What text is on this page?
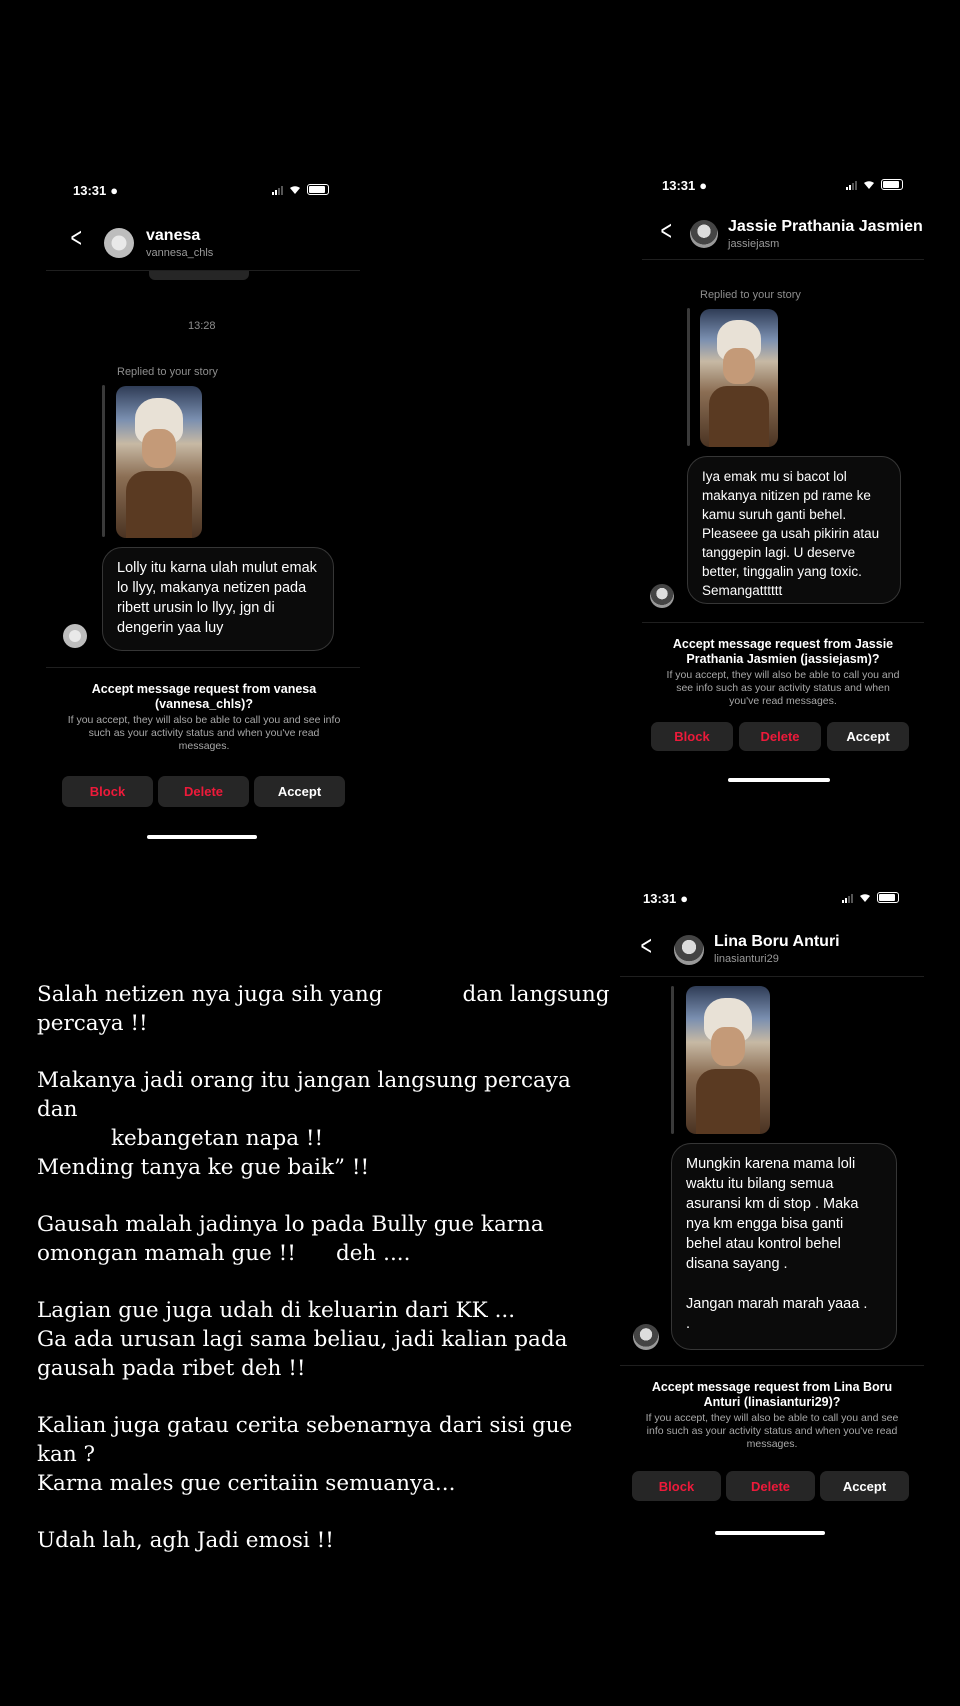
13:31 ●
<	vanesa
vannesa_chls
13:28
Replied to your story
Lolly itu karna ulah mulut emak lo llyy, makanya netizen pada ribett urusin lo llyy, jgn di dengerin yaa luy
Accept message request from vanesa (vannesa_chls)?
If you accept, they will also be able to call you and see info such as your activity status and when you've read messages.
Block	Delete	Accept
13:31 ●
<	Jassie Prathania Jasmien
jassiejasm
Replied to your story
Iya emak mu si bacot lol makanya nitizen pd rame ke kamu suruh ganti behel. Pleaseee ga usah pikirin atau tanggepin lagi. U deserve better, tinggalin yang toxic. Semangatttttt
Accept message request from Jassie Prathania Jasmien (jassiejasm)?
If you accept, they will also be able to call you and see info such as your activity status and when you've read messages.
Block	Delete	Accept
13:31 ●
<	Lina Boru Anturi
linasianturi29
Mungkin karena mama loli waktu itu bilang semua asuransi km di stop . Maka nya km engga bisa ganti behel atau kontrol behel disana sayang .

Jangan marah marah yaaa .
.
Accept message request from Lina Boru Anturi (linasianturi29)?
If you accept, they will also be able to call you and see info such as your activity status and when you've read messages.
Block	Delete	Accept

Salah netizen nya juga sih yang	dan langsung
percaya !!

Makanya jadi orang itu jangan langsung percaya dan
kebangetan napa !!
Mending tanya ke gue baik” !!

Gausah malah jadinya lo pada Bully gue karna
omongan mamah gue !! deh ....

Lagian gue juga udah di keluarin dari KK ...
Ga ada urusan lagi sama beliau, jadi kalian pada
gausah pada ribet deh !!

Kalian juga gatau cerita sebenarnya dari sisi gue kan ?
Karna males gue ceritaiin semuanya...

Udah lah, agh Jadi emosi !!
